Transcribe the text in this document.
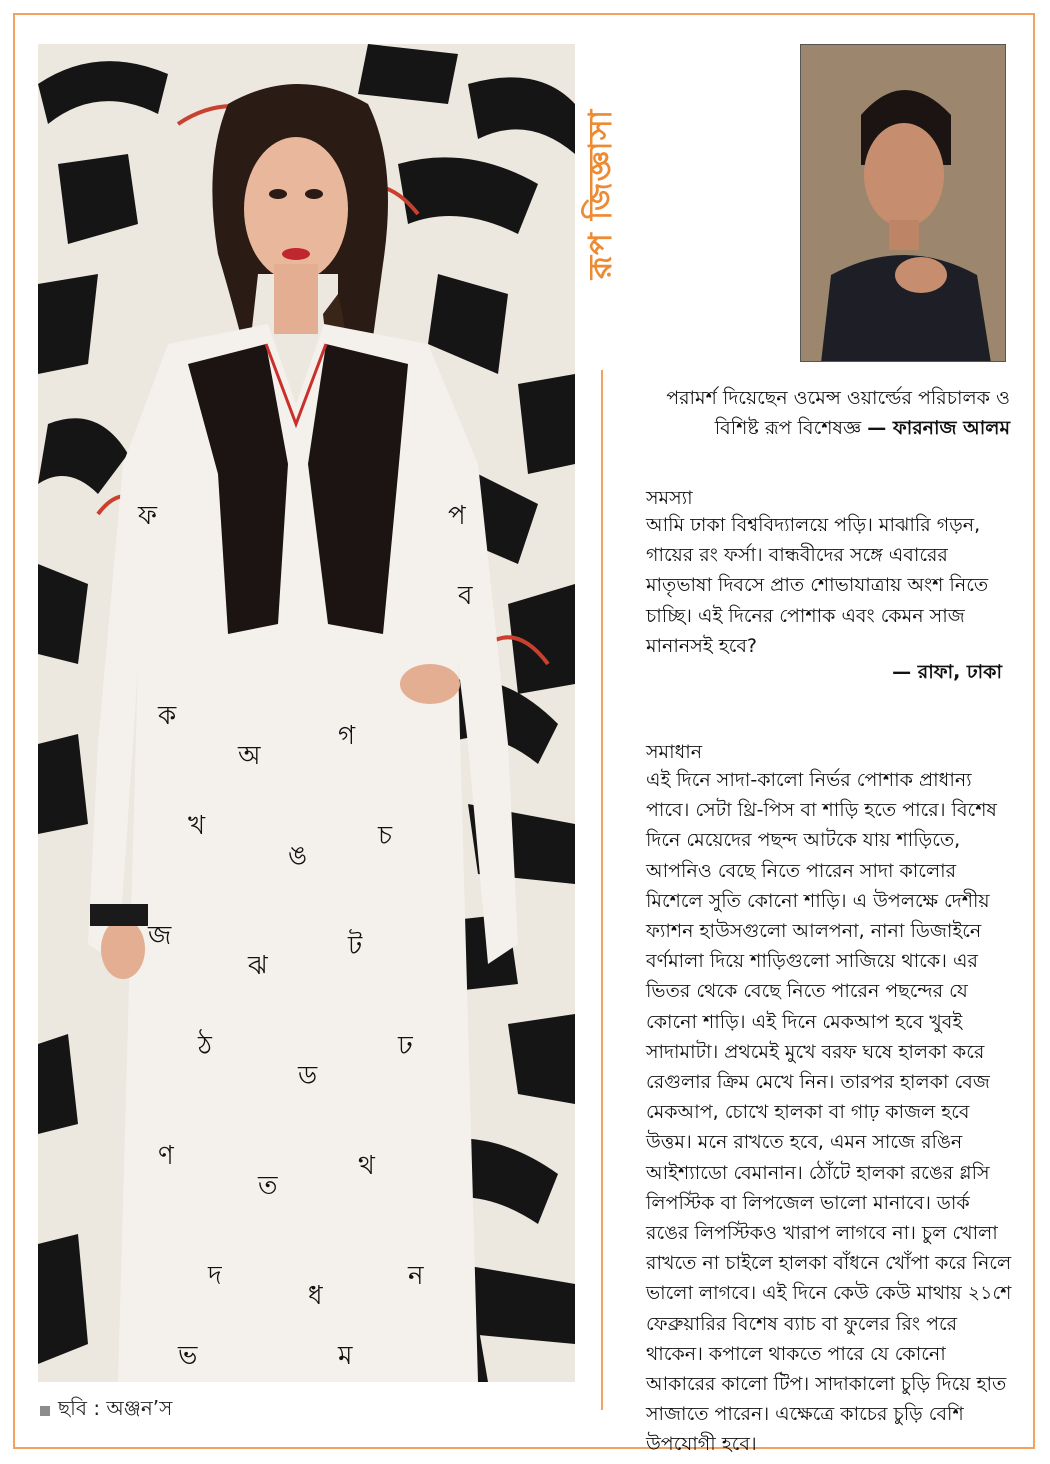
ক
অ
গ
খ
ঙ
চ
জ
ঝ
ট
ঠ
ড
ঢ
ণ
ত
থ
দ
ধ
ন
প
ফ
ব
ভ	ম
ছবি : অঞ্জন’স
রূপ জিজ্ঞাসা
পরামর্শ দিয়েছেন ওমেন্স ওয়ার্ল্ডের পরিচালক ও
বিশিষ্ট রূপ বিশেষজ্ঞ — ফারনাজ আলম
সমস্যা
আমি ঢাকা বিশ্ববিদ্যালয়ে পড়ি। মাঝারি গড়ন, গায়ের রং ফর্সা। বান্ধবীদের সঙ্গে এবারের মাতৃভাষা দিবসে প্রাত শোভাযাত্রায় অংশ নিতে চাচ্ছি। এই দিনের পোশাক এবং কেমন সাজ মানানসই হবে?
— রাফা, ঢাকা
সমাধান
এই দিনে সাদা-কালো নির্ভর পোশাক প্রাধান্য পাবে। সেটা থ্রি-পিস বা শাড়ি হতে পারে। বিশেষ দিনে মেয়েদের পছন্দ আটকে যায় শাড়িতে, আপনিও বেছে নিতে পারেন সাদা কালোর মিশেলে সুতি কোনো শাড়ি। এ উপলক্ষে দেশীয় ফ্যাশন হাউসগুলো আলপনা, নানা ডিজাইনে বর্ণমালা দিয়ে শাড়িগুলো সাজিয়ে থাকে। এর ভিতর থেকে বেছে নিতে পারেন পছন্দের যে কোনো শাড়ি। এই দিনে মেকআপ হবে খুবই সাদামাটা। প্রথমেই মুখে বরফ ঘষে হালকা করে রেগুলার ক্রিম মেখে নিন। তারপর হালকা বেজ মেকআপ, চোখে হালকা বা গাঢ় কাজল হবে উত্তম। মনে রাখতে হবে, এমন সাজে রঙিন আইশ্যাডো বেমানান। ঠোঁটে হালকা রঙের গ্লসি লিপস্টিক বা লিপজেল ভালো মানাবে। ডার্ক রঙের লিপস্টিকও খারাপ লাগবে না। চুল খোলা রাখতে না চাইলে হালকা বাঁধনে খোঁপা করে নিলে ভালো লাগবে। এই দিনে কেউ কেউ মাথায় ২১শে ফেব্রুয়ারির বিশেষ ব্যাচ বা ফুলের রিং পরে থাকেন। কপালে থাকতে পারে যে কোনো আকারের কালো টিপ। সাদাকালো চুড়ি দিয়ে হাত সাজাতে পারেন। এক্ষেত্রে কাচের চুড়ি বেশি উপযোগী হবে।
